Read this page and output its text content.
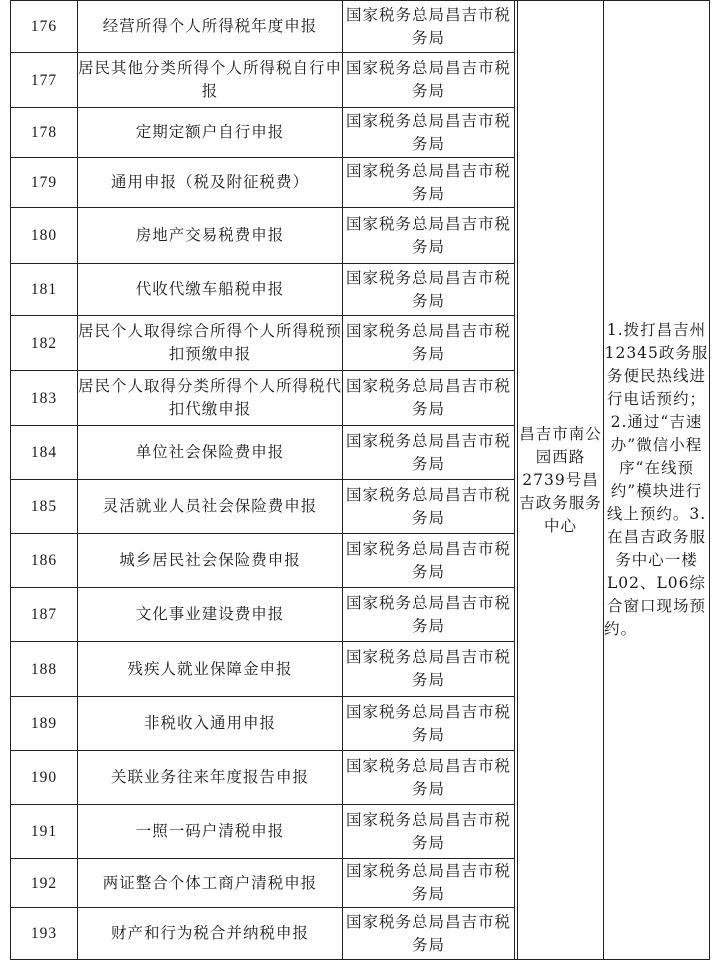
176	经营所得个人所得税年度申报	国家税务总局昌吉市税务局		昌吉市南公园西路2739号昌吉政务服务中心	1.拨打昌吉州12345政务服务便民热线进行电话预约；2.通过“吉速办”微信小程序“在线预约”模块进行线上预约。3.在昌吉政务服务中心一楼L02、L06综合窗口现场预约。
177	居民其他分类所得个人所得税自行申报	国家税务总局昌吉市税务局			
178	定期定额户自行申报	国家税务总局昌吉市税务局			
179	通用申报（税及附征税费）	国家税务总局昌吉市税务局			
180	房地产交易税费申报	国家税务总局昌吉市税务局			
181	代收代缴车船税申报	国家税务总局昌吉市税务局			
182	居民个人取得综合所得个人所得税预扣预缴申报	国家税务总局昌吉市税务局			
183	居民个人取得分类所得个人所得税代扣代缴申报	国家税务总局昌吉市税务局			
184	单位社会保险费申报	国家税务总局昌吉市税务局			
185	灵活就业人员社会保险费申报	国家税务总局昌吉市税务局			
186	城乡居民社会保险费申报	国家税务总局昌吉市税务局			
187	文化事业建设费申报	国家税务总局昌吉市税务局			
188	残疾人就业保障金申报	国家税务总局昌吉市税务局			
189	非税收入通用申报	国家税务总局昌吉市税务局			
190	关联业务往来年度报告申报	国家税务总局昌吉市税务局			
191	一照一码户清税申报	国家税务总局昌吉市税务局			
192	两证整合个体工商户清税申报	国家税务总局昌吉市税务局			
193	财产和行为税合并纳税申报	国家税务总局昌吉市税务局			
